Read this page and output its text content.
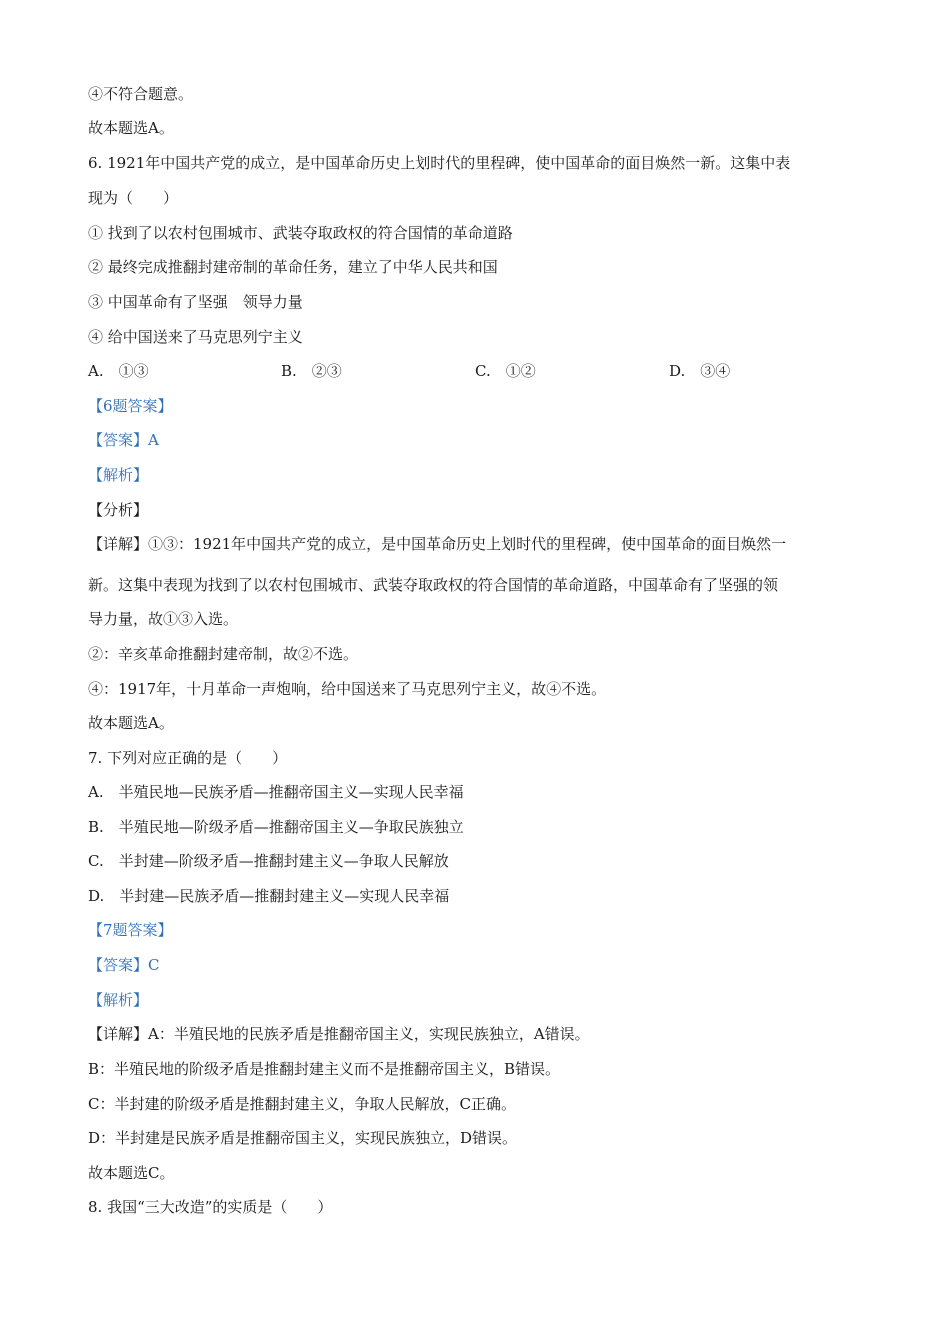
④不符合题意。
故本题选A。
6. 1921年中国共产党的成立，是中国革命历史上划时代的里程碑，使中国革命的面目焕然一新。这集中表
现为（　　）
① 找到了以农村包围城市、武装夺取政权的符合国情的革命道路
② 最终完成推翻封建帝制的革命任务，建立了中华人民共和国
③ 中国革命有了坚强　领导力量
④ 给中国送来了马克思列宁主义
A.　①③	B.　②③	C.　①②	D.　③④
【6题答案】
【答案】A
【解析】
【分析】
【详解】①③：1921年中国共产党的成立，是中国革命历史上划时代的里程碑，使中国革命的面目焕然一
新。这集中表现为找到了以农村包围城市、武装夺取政权的符合国情的革命道路，中国革命有了坚强的领
导力量，故①③入选。
②：辛亥革命推翻封建帝制，故②不选。
④：1917年，十月革命一声炮响，给中国送来了马克思列宁主义，故④不选。
故本题选A。
7. 下列对应正确的是（　　）
A.　半殖民地—民族矛盾—推翻帝国主义—实现人民幸福
B.　半殖民地—阶级矛盾—推翻帝国主义—争取民族独立
C.　半封建—阶级矛盾—推翻封建主义—争取人民解放
D.　半封建—民族矛盾—推翻封建主义—实现人民幸福
【7题答案】
【答案】C
【解析】
【详解】A：半殖民地的民族矛盾是推翻帝国主义，实现民族独立，A错误。
B：半殖民地的阶级矛盾是推翻封建主义而不是推翻帝国主义，B错误。
C：半封建的阶级矛盾是推翻封建主义，争取人民解放，C正确。
D：半封建是民族矛盾是推翻帝国主义，实现民族独立，D错误。
故本题选C。
8. 我国“三大改造”的实质是（　　）
